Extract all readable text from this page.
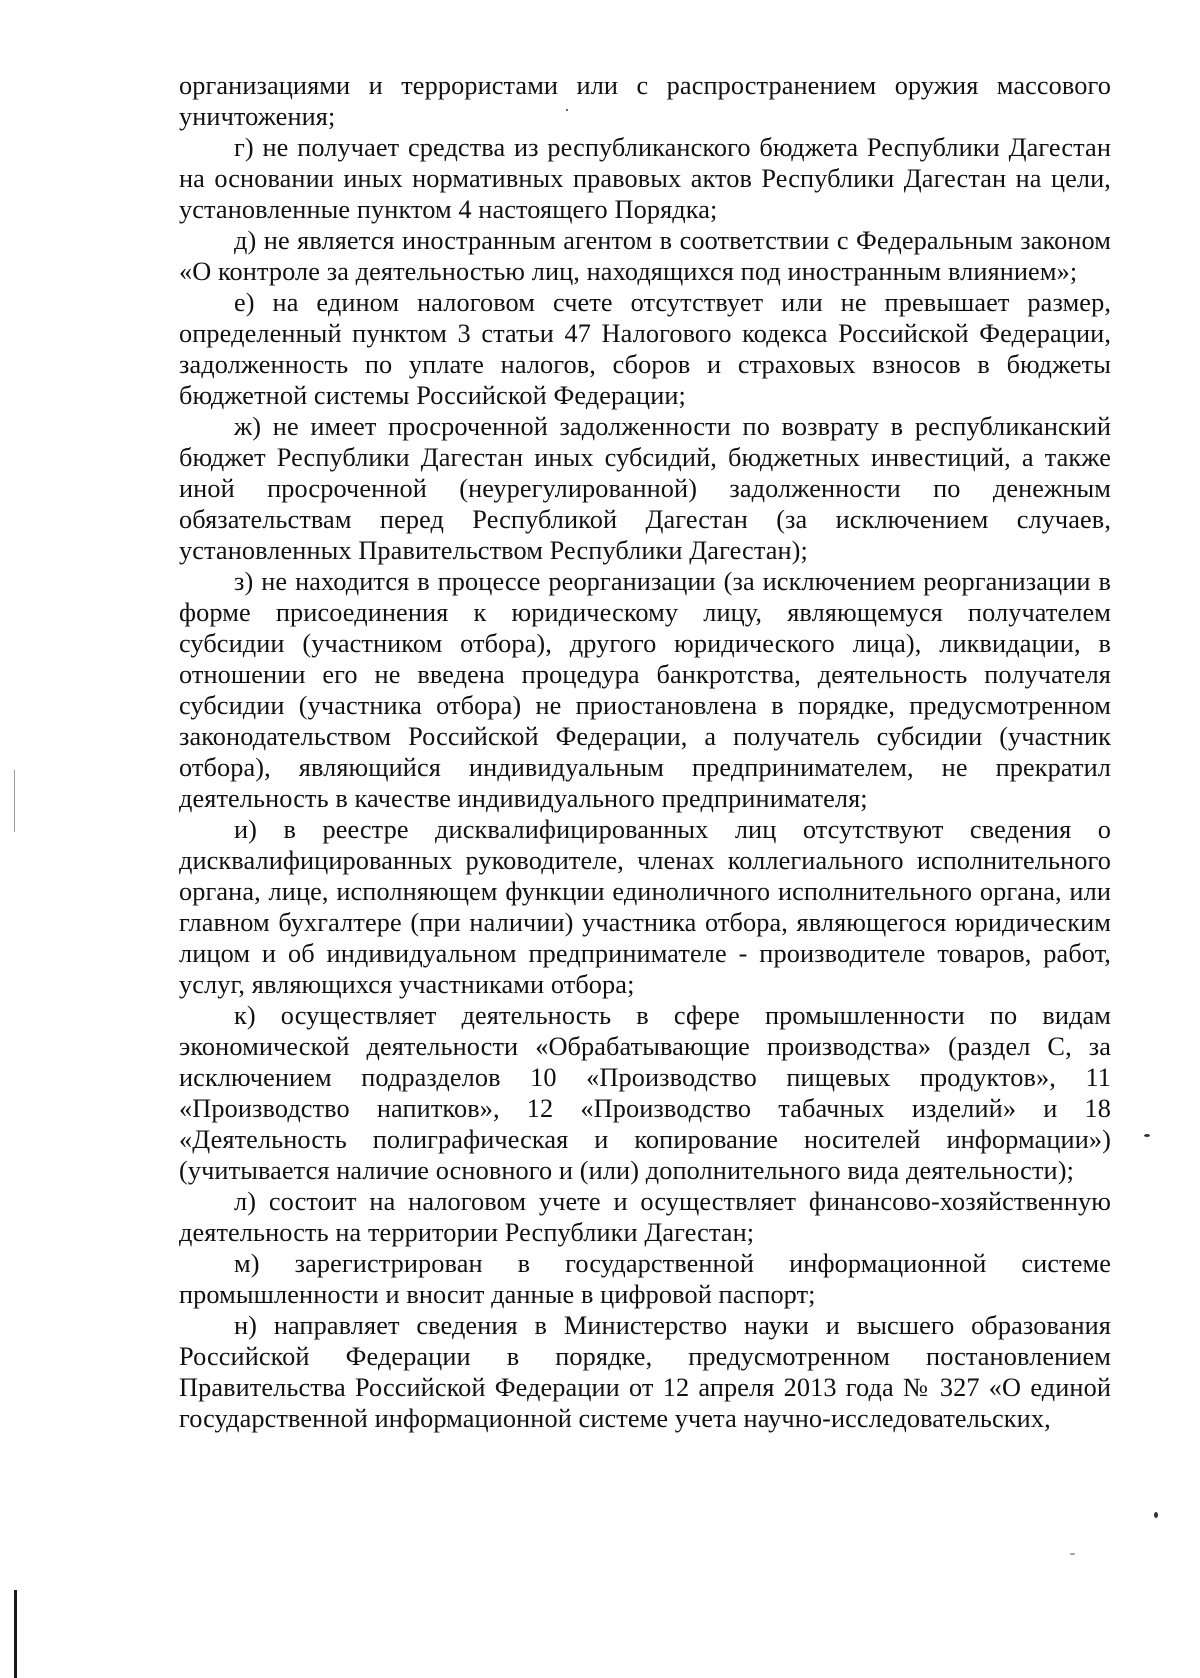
организациями и террористами или с распространением оружия массового уничтожения;

г) не получает средства из республиканского бюджета Республики Дагестан на основании иных нормативных правовых актов Республики Дагестан на цели, установленные пунктом 4 настоящего Порядка;

д) не является иностранным агентом в соответствии с Федеральным законом «О контроле за деятельностью лиц, находящихся под иностранным влиянием»;

е) на едином налоговом счете отсутствует или не превышает размер, определенный пунктом 3 статьи 47 Налогового кодекса Российской Федерации, задолженность по уплате налогов, сборов и страховых взносов в бюджеты бюджетной системы Российской Федерации;

ж) не имеет просроченной задолженности по возврату в республиканский бюджет Республики Дагестан иных субсидий, бюджетных инвестиций, а также иной просроченной (неурегулированной) задолженности по денежным обязательствам перед Республикой Дагестан (за исключением случаев, установленных Правительством Республики Дагестан);

з) не находится в процессе реорганизации (за исключением реорганизации в форме присоединения к юридическому лицу, являющемуся получателем субсидии (участником отбора), другого юридического лица), ликвидации, в отношении его не введена процедура банкротства, деятельность получателя субсидии (участника отбора) не приостановлена в порядке, предусмотренном законодательством Российской Федерации, а получатель субсидии (участник отбора), являющийся индивидуальным предпринимателем, не прекратил деятельность в качестве индивидуального предпринимателя;

и) в реестре дисквалифицированных лиц отсутствуют сведения о дисквалифицированных руководителе, членах коллегиального исполнительного органа, лице, исполняющем функции единоличного исполнительного органа, или главном бухгалтере (при наличии) участника отбора, являющегося юридическим лицом и об индивидуальном предпринимателе - производителе товаров, работ, услуг, являющихся участниками отбора;

к) осуществляет деятельность в сфере промышленности по видам экономической деятельности «Обрабатывающие производства» (раздел C, за исключением подразделов 10 «Производство пищевых продуктов», 11 «Производство напитков», 12 «Производство табачных изделий» и 18 «Деятельность полиграфическая и копирование носителей информации») (учитывается наличие основного и (или) дополнительного вида деятельности);

л) состоит на налоговом учете и осуществляет финансово-хозяйственную деятельность на территории Республики Дагестан;

м) зарегистрирован в государственной информационной системе промышленности и вносит данные в цифровой паспорт;

н) направляет сведения в Министерство науки и высшего образования Российской Федерации в порядке, предусмотренном постановлением Правительства Российской Федерации от 12 апреля 2013 года № 327 «О единой государственной информационной системе учета научно-исследовательских,
